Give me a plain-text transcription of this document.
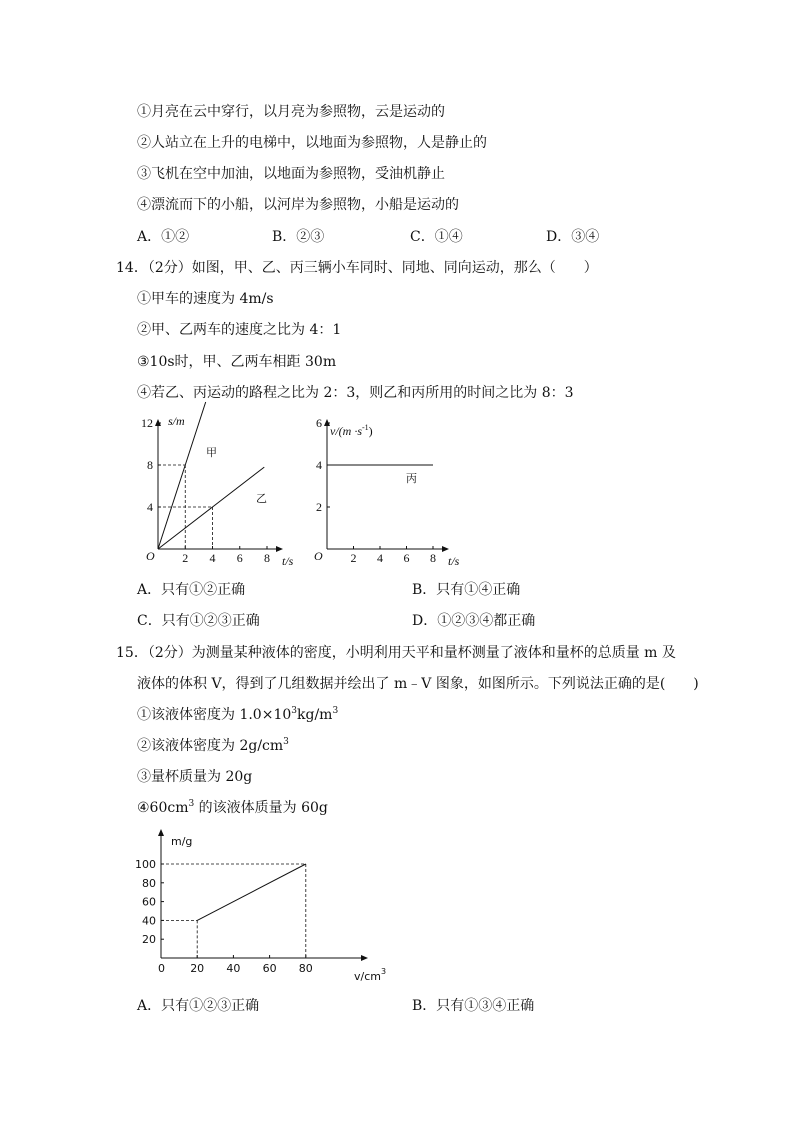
①月亮在云中穿行，以月亮为参照物，云是运动的
②人站立在上升的电梯中，以地面为参照物，人是静止的
③飞机在空中加油，以地面为参照物，受油机静止
④漂流而下的小船，以河岸为参照物，小船是运动的
A．①②	B．②③	C．①④	D．③④
14．（2分）如图，甲、乙、丙三辆小车同时、同地、同向运动，那么（　　）
①甲车的速度为 4m/s
②甲、乙两车的速度之比为 4：1
③10s时，甲、乙两车相距 30m
④若乙、丙运动的路程之比为 2：3，则乙和丙所用的时间之比为 8：3
2 4 6 8
4
8
12
O
s/m
t/s
甲
乙
2 4 6 8
2
4
6
O
$v/(m \cdot s^{-1})$
t/s
丙
A．只有①②正确	B．只有①④正确
C．只有①②③正确	D．①②③④都正确
15．（2分）为测量某种液体的密度，小明利用天平和量杯测量了液体和量杯的总质量 m 及
液体的体积 V，得到了几组数据并绘出了 m﹣V 图象，如图所示。下列说法正确的是(　　)
①该液体密度为 $1.0\times 10^3kg/m^3$
②该液体密度为 $2g/cm^3$
③量杯质量为 20g
$④60cm^3$ 的该液体质量为 60g
20 40 60 80
20
40
60
80
100
m/g
0
$v/cm^3$
A．只有①②③正确	B．只有①③④正确
